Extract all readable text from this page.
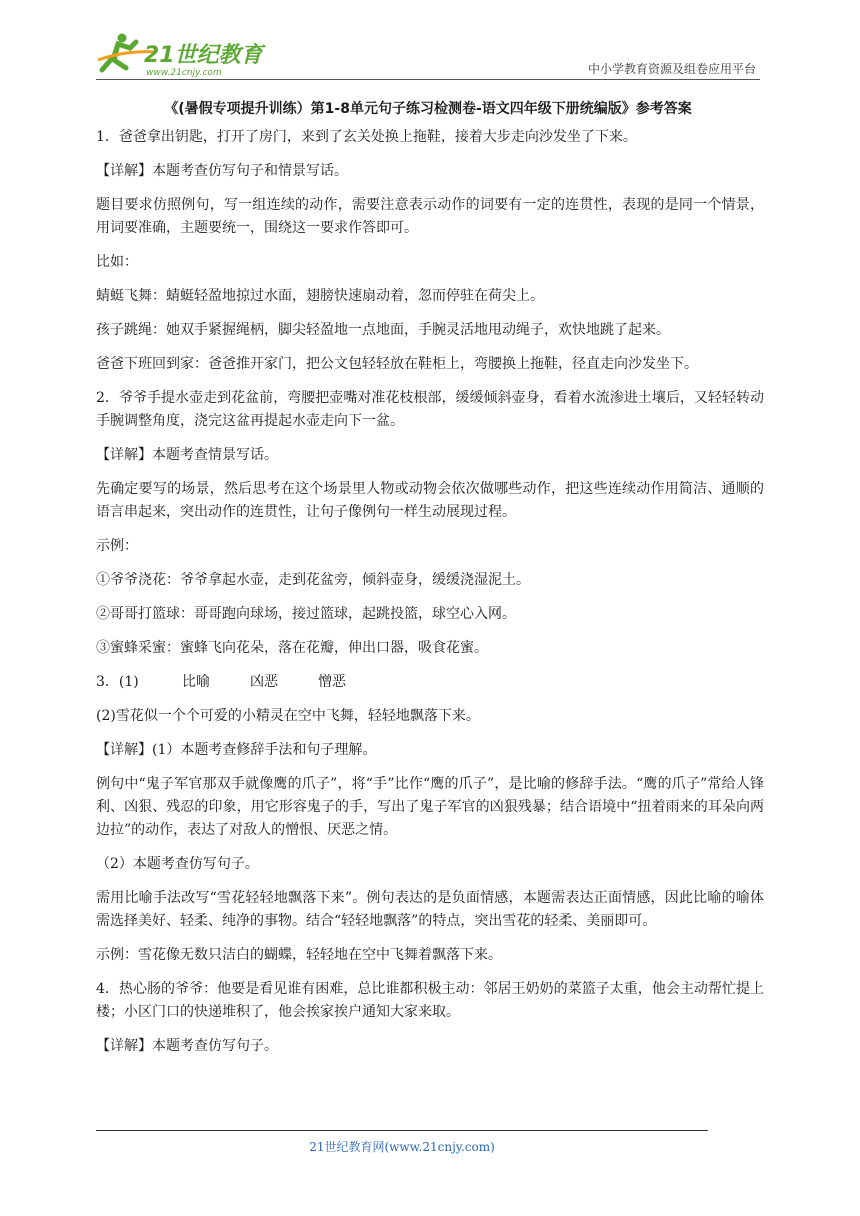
21世纪教育
www.21cnjy.com	中小学教育资源及组卷应用平台
《(暑假专项提升训练）第1-8单元句子练习检测卷-语文四年级下册统编版》参考答案

1．爸爸拿出钥匙，打开了房门，来到了玄关处换上拖鞋，接着大步走向沙发坐了下来。

【详解】本题考查仿写句子和情景写话。

题目要求仿照例句，写一组连续的动作，需要注意表示动作的词要有一定的连贯性，表现的是同一个情景，用词要准确，主题要统一，围绕这一要求作答即可。

比如：

蜻蜓飞舞：蜻蜓轻盈地掠过水面，翅膀快速扇动着，忽而停驻在荷尖上。

孩子跳绳：她双手紧握绳柄，脚尖轻盈地一点地面，手腕灵活地甩动绳子，欢快地跳了起来。

爸爸下班回到家：爸爸推开家门，把公文包轻轻放在鞋柜上，弯腰换上拖鞋，径直走向沙发坐下。

2．爷爷手提水壶走到花盆前，弯腰把壶嘴对准花枝根部，缓缓倾斜壶身，看着水流渗进土壤后，又轻轻转动手腕调整角度，浇完这盆再提起水壶走向下一盆。

【详解】本题考查情景写话。

先确定要写的场景，然后思考在这个场景里人物或动物会依次做哪些动作，把这些连续动作用简洁、通顺的语言串起来，突出动作的连贯性，让句子像例句一样生动展现过程。

示例：

①爷爷浇花：爷爷拿起水壶，走到花盆旁，倾斜壶身，缓缓浇湿泥土。

②哥哥打篮球：哥哥跑向球场，接过篮球，起跳投篮，球空心入网。

③蜜蜂采蜜：蜜蜂飞向花朵，落在花瓣，伸出口器，吸食花蜜。

3．(1)	比喻	凶恶	憎恶

(2)雪花似一个个可爱的小精灵在空中飞舞，轻轻地飘落下来。

【详解】(1）本题考查修辞手法和句子理解。

例句中“鬼子军官那双手就像鹰的爪子”，将“手”比作“鹰的爪子”，是比喻的修辞手法。“鹰的爪子”常给人锋利、凶狠、残忍的印象，用它形容鬼子的手，写出了鬼子军官的凶狠残暴；结合语境中“扭着雨来的耳朵向两边拉”的动作，表达了对敌人的憎恨、厌恶之情。

（2）本题考查仿写句子。

需用比喻手法改写“雪花轻轻地飘落下来”。例句表达的是负面情感，本题需表达正面情感，因此比喻的喻体需选择美好、轻柔、纯净的事物。结合“轻轻地飘落”的特点，突出雪花的轻柔、美丽即可。

示例：雪花像无数只洁白的蝴蝶，轻轻地在空中飞舞着飘落下来。

4．热心肠的爷爷：他要是看见谁有困难，总比谁都积极主动：邻居王奶奶的菜篮子太重，他会主动帮忙提上楼；小区门口的快递堆积了，他会挨家挨户通知大家来取。

【详解】本题考查仿写句子。

21世纪教育网(www.21cnjy.com)
